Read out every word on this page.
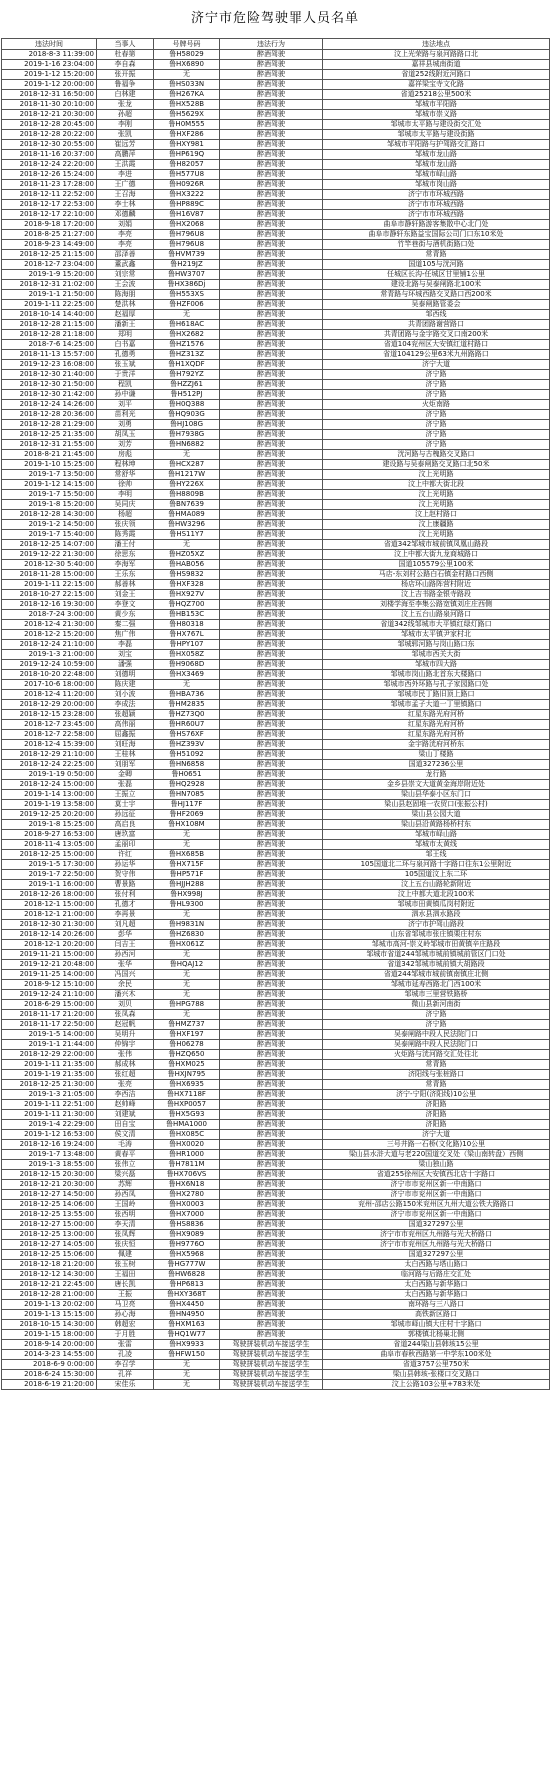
济宁市危险驾驶罪人员名单
违法时间	当事人	号牌号码	违法行为	违法地点
2018-8-3 11:39:00	杜春第	鲁H58029	醉酒驾驶	汶上光荣路与泉河路路口北
2019-1-16 23:04:00	李自森	鲁HX6890	醉酒驾驶	嘉祥县城南街道
2019-1-12 15:20:00	张开振	无	醉酒驾驶	省道252线附近河路口
2019-1-12 20:00:00	鲁福争	鲁HS033N	醉酒驾驶	嘉祥梁宝寺文化路
2018-12-31 16:50:00	白林建	鲁H267KA	醉酒驾驶	省道25218公里500米
2018-11-30 20:10:00	张龙	鲁HX528B	醉酒驾驶	邹城市平阳路
2018-12-21 20:30:00	孙超	鲁H5629X	醉酒驾驶	邹城市崇义路
2018-12-28 20:45:00	李刚	鲁H0M555	醉酒驾驶	邹城市太平路与建设街交汇处
2018-12-28 20:22:00	张凯	鲁HXF286	醉酒驾驶	邹城市太平路与建设街路
2018-12-30 20:55:00	崔远芳	鲁HXY981	醉酒驾驶	邹城市平阳路与护驾路交汇路口
2018-11-16 20:37:00	高鹏萍	鲁HP619Q	醉酒驾驶	邹城市龙山路
2018-12-24 22:20:00	王洪霞	鲁H82057	醉酒驾驶	邹城市龙山路
2018-12-26 15:24:00	李进	鲁H577U8	醉酒驾驶	邹城市峄山路
2018-11-23 17:28:00	王广德	鲁H0926R	醉酒驾驶	邹城市岗山路
2018-12-11 22:52:00	王召海	鲁HX3222	醉酒驾驶	济宁市市环城西路
2018-12-17 22:53:00	李士林	鲁HP889C	醉酒驾驶	济宁市市环城西路
2018-12-17 22:10:00	邓德麟	鲁H16V87	醉酒驾驶	济宁市市环城西路
2018-9-18 17:20:00	刘娟	鲁HX2068	醉酒驾驶	曲阜市静轩路游客集散中心北门处
2018-8-25 21:27:00	李亮	鲁H796U8	醉酒驾驶	曲阜市静轩东路益宝国际公司门口东10米处
2018-9-23 14:49:00	李亮	鲁H796U8	醉酒驾驶	竹竿巷街与酒机街路口处
2018-12-25 21:15:00	邵泽善	鲁HVM739	醉酒驾驶	常青路
2018-12-7 23:04:00	董武鑫	鲁H219JZ	醉酒驾驶	国道105与洸河路
2019-1-9 15:20:00	刘宗常	鲁HW3707	醉酒驾驶	任城区长沟-任城区甘里铺1公里
2018-12-31 21:02:00	王会波	鲁HX386Dj	醉酒驾驶	建设北路与吴泰闸路北100米
2019-1-1 21:50:00	陈海朋	鲁H553XS	醉酒驾驶	常青路与环城西路交叉路口西200米
2019-1-11 22:25:00	楚洪林	鲁HZF006	醉酒驾驶	吴泰闸路管委会
2018-10-14 14:40:00	赵福厚	无	醉酒驾驶	邹西线
2018-12-28 21:15:00	潘新王	鲁H618AC	醉酒驾驶	共青团路谢营路口
2018-12-28 21:18:00	郑明	鲁HX2682	醉酒驾驶	共青团路与金宇路交叉口南200米
2018-7-6 14:25:00	白书嘉	鲁HZ1576	醉酒驾驶	省道104兖州区大安镇红道村路口
2018-11-13 15:57:00	孔德勇	鲁HZ313Z	醉酒驾驶	省道104129公里63米九州路路口
2019-12-23 16:08:00	张玉斌	鲁H1XQDF	醉酒驾驶	济宁大道
2018-12-30 21:40:00	于贵洋	鲁H792YZ	醉酒驾驶	济宁路
2018-12-30 21:50:00	程凯	鲁HZZJ61	醉酒驾驶	济宁路
2018-12-30 21:42:00	孙中谦	鲁H512PJ	醉酒驾驶	济宁路
2018-12-24 14:26:00	刘平	鲁H0Q388	醉酒驾驶	火炬南路
2018-12-28 20:36:00	苗利光	鲁HQ903G	醉酒驾驶	济宁路
2018-12-28 21:29:00	刘勇	鲁HJ108G	醉酒驾驶	济宁路
2018-12-25 21:35:00	胡凤玉	鲁H7938G	醉酒驾驶	济宁路
2018-12-31 21:55:00	刘芳	鲁HN6882	醉酒驾驶	济宁路
2018-8-21 21:45:00	房彪	无	醉酒驾驶	洸河路与古槐路交叉路口
2019-1-10 15:25:00	程林坤	鲁HCX287	醉酒驾驶	建设路与吴泰闸路交叉路口北50米
2019-1-7 13:50:00	常舒华	鲁H1217W	醉酒驾驶	汶上光明路
2019-1-12 14:15:00	徐帅	鲁HY226X	醉酒驾驶	汶上中都大街北段
2019-1-7 15:50:00	李明	鲁H8809B	醉酒驾驶	汶上光明路
2019-1-8 15:20:00	吴同庆	鲁BN7639	醉酒驾驶	汶上光明路
2018-12-28 14:30:00	杨超	鲁HMA089	醉酒驾驶	汶上赵村路口
2019-1-2 14:50:00	张庆领	鲁HW3296	醉酒驾驶	汶上康疆路
2019-1-7 15:40:00	陈秀霞	鲁HS11Y7	醉酒驾驶	汶上光明路
2018-12-25 14:07:00	潘王付	无	醉酒驾驶	省道342邹城市城前镇凤凰山路段
2019-12-22 21:30:00	徐思东	鲁HZ05XZ	醉酒驾驶	汶上中都大街九龙商城路口
2018-12-30 5:40:00	李海军	鲁HAB056	醉酒驾驶	国道105579公里100米
2018-11-28 15:00:00	王乐东	鲁HS9832	醉酒驾驶	马店-东刘村公路白石镇金村路口西侧
2019-1-11 22:15:00	郝善林	鲁HXF328	醉酒驾驶	杨店环山路阵营村附近
2018-10-27 22:15:00	刘金王	鲁HX927V	醉酒驾驶	汶上吉书路金银寺路段
2018-12-16 19:30:00	李登文	鲁HQZ700	醉酒驾驶	刘楼学海至李集公路宽镇刘庄庄西侧
2018-7-24 3:00:00	黄少东	鲁HB153C	醉酒驾驶	汶上五台山路泉河路口
2018-12-4 21:30:00	秦二强	鲁H80318	醉酒驾驶	省道342线邹城市大平镇红绿灯路口
2018-12-2 15:20:00	焦广伟	鲁HX767L	醉酒驾驶	邹城市太平镇尹家村北
2018-12-24 21:10:00	李磊	鲁HPY107	醉酒驾驶	邹城郓河路与岗山路口东
2019-1-3 21:00:00	刘宝	鲁HX058Z	醉酒驾驶	邹城市西关大街
2019-12-24 10:59:00	潘强	鲁H9068D	醉酒驾驶	邹城市四大路
2018-10-20 22:48:00	刘德明	鲁HX3469	醉酒驾驶	邹城市岗山路北首东大楼路口
2017-10-6 18:00:00	陈庆建	无	醉酒驾驶	邹城市西外环路与孔子家园路口处
2018-12-4 11:20:00	刘小波	鲁HBA736	醉酒驾驶	邹城市民丁路旧顶上路口
2018-12-29 20:00:00	李成法	鲁HM2835	醉酒驾驶	邹城市孟子大道一丁里镇路口
2018-12-15 23:28:00	张超颖	鲁HZ73Q0	醉酒驾驶	红星东路光府河桥
2018-12-7 23:45:00	高伟丽	鲁HR60U7	醉酒驾驶	红星东路光府河桥
2018-12-7 22:58:00	屈鑫振	鲁HS76XF	醉酒驾驶	红星东路光府河桥
2018-12-4 15:39:00	刘旺海	鲁HZ393V	醉酒驾驶	金宇路洸府河桥东
2018-12-29 21:10:00	王桂林	鲁H51092	醉酒驾驶	梁山丁楼路
2018-12-24 22:25:00	刘朋军	鲁HN6858	醉酒驾驶	国道327236公里
2019-1-19 0:50:00	金卿	鲁H0651	醉酒驾驶	龙行路
2018-12-24 15:00:00	张磊	鲁HQ2928	醉酒驾驶	金乡县崇文大道黄金海岸附近处
2019-1-14 13:00:00	王振立	鲁HN7085	醉酒驾驶	梁山县华泰小区东门口
2019-1-19 13:58:00	莫士宇	鲁HJ117F	醉酒驾驶	梁山县赵固堆一农贸口(张振公村)
2019-12-25 20:20:00	孙远征	鲁HF2069	醉酒驾驶	梁山县公园大道
2019-1-8 15:25:00	高启良	鲁HX108M	醉酒驾驶	梁山县沿黄路杨桥村东
2018-9-27 16:53:00	唐玖富	无	醉酒驾驶	邹城市峄山路
2018-11-4 13:05:00	孟丽印	无	醉酒驾驶	邹城市太黄线
2018-12-25 15:00:00	许红	鲁HX685B	醉酒驾驶	邹王线
2019-1-5 17:30:00	孙运华	鲁HX715F	醉酒驾驶	105国道北二环与泉河路十字路口往东1公里附近
2019-1-7 22:50:00	贺守伟	鲁HP571F	醉酒驾驶	105国道汶上东二环
2019-1-1 16:00:00	曹景路	鲁HJJH288	醉酒驾驶	汶上五台山路轮新附近
2018-12-26 18:00:00	张付利	鲁HX998J	醉酒驾驶	汶上中都大道北段100米
2018-12-1 15:00:00	孔德才	鲁HL9300	醉酒驾驶	邹城市田黄镇瓜岗村附近
2018-12-1 21:00:00	李再景	无	醉酒驾驶	泗水县泗水路段
2018-12-30 21:30:00	刘凡超	鲁H9831N	醉酒驾驶	济宁市护驾山路段
2018-12-14 20:26:00	彭华	鲁HZ6830	醉酒驾驶	山东省邹城市张庄镇栗庄村东
2018-12-1 20:20:00	闫吉王	鲁HX061Z	醉酒驾驶	邹城市高河-崇义岭邹城市田黄镇辛庄路段
2019-11-21 15:00:00	孙西河	无	醉酒驾驶	邹城市省道244邹城市城前镇城前管区门口处
2019-12-21 20:48:00	张华	鲁HQAJ12	醉酒驾驶	省道342邹城市城前镇大胡路段
2019-11-25 14:00:00	冯国兴	无	醉酒驾驶	省道244邹城市城前镇南镇庄北侧
2018-9-12 15:10:00	余民	无	醉酒驾驶	邹城市延寿西路北门西100米
2019-12-24 21:10:00	潘兴木	无	醉酒驾驶	邹城市三里营铁路桥
2018-6-29 15:00:00	刘贝	鲁HPG788	醉酒驾驶	微山县新河南街
2018-11-17 21:20:00	张凤森	无	醉酒驾驶	济宁路
2018-11-17 22:50:00	赵冠帆	鲁HMZ737	醉酒驾驶	济宁路
2019-1-5 14:00:00	吴明升	鲁HXF197	醉酒驾驶	吴泰闸路中段人民法院门口
2019-1-1 21:44:00	仲锦宇	鲁H06278	醉酒驾驶	吴泰闸路中段人民法院门口
2018-12-29 22:00:00	张伟	鲁HZQ650	醉酒驾驶	火炬路与洸河路交汇处往北
2019-1-11 21:35:00	郝成林	鲁HXM025	醉酒驾驶	常青路
2019-1-19 21:35:00	张红超	鲁HXJN795	醉酒驾驶	济阳线与张桩路口
2018-12-25 21:30:00	张亮	鲁HX6935	醉酒驾驶	常青路
2019-1-3 21:05:00	李西洁	鲁HX7118F	醉酒驾驶	济宁-宁阳(济阳线)10公里
2019-1-11 22:51:00	赵帅峰	鲁HXP0057	醉酒驾驶	济阳路
2019-1-11 21:30:00	刘建斌	鲁HX5G93	醉酒驾驶	济阳路
2019-1-4 22:29:00	田自宝	鲁HMA1000	醉酒驾驶	济阳路
2019-1-12 16:53:00	侯文清	鲁HX085C	醉酒驾驶	济宁大道
2018-12-16 19:24:00	毛涛	鲁HX0020	醉酒驾驶	三号井路一石桥(文化路)10公里
2019-1-7 13:48:00	黄春平	鲁HR1000	醉酒驾驶	梁山县水浒大道与老220国道交叉处（梁山南转盘）西侧
2019-1-3 18:55:00	张伟立	鲁H7811M	醉酒驾驶	梁山独山路
2018-12-15 20:30:00	梁兴磊	鲁HX706VS	醉酒驾驶	省道255徐州区大安镇西北店十字路口
2018-12-21 20:30:00	苏辉	鲁HX6N18	醉酒驾驶	济宁市市兖州区新一中南路口
2018-12-27 14:50:00	孙西凤	鲁HX2780	醉酒驾驶	济宁市市兖州区新一中南路口
2018-12-25 14:06:00	王国岭	鲁HX0003	醉酒驾驶	兖州-邵店公路150米兖州区九州大道公铁大路路口
2018-12-25 13:55:00	张西明	鲁HX7000	醉酒驾驶	济宁市市兖州区新一中南路口
2018-12-27 15:00:00	李天清	鲁HS8836	醉酒驾驶	国道327297公里
2018-12-25 13:00:00	张凤辉	鲁HX9089	醉酒驾驶	济宁市市兖州区九州路与光大桥路口
2018-12-27 14:05:00	张庆恒	鲁H9776O	醉酒驾驶	济宁市市兖州区九州路与光大桥路口
2018-12-25 15:06:00	佩建	鲁HX5968	醉酒驾驶	国道327297公里
2018-12-18 21:20:00	张玉树	鲁HG777W	醉酒驾驶	太白西路与塔山路口
2018-12-12 14:30:00	王福田	鲁HW6828	醉酒驾驶	临河路与后路庄交汇处
2018-12-21 22:45:00	唐长凯	鲁HP6813	醉酒驾驶	太白西路与新华路口
2018-12-28 21:00:00	王振	鲁HXY368T	醉酒驾驶	太白西路与新华路口
2019-1-13 20:02:00	马卫亮	鲁HX4450	醉酒驾驶	南环路与三八路口
2019-1-13 15:15:00	孙心海	鲁HN4950	醉酒驾驶	高铁新区路口
2018-10-15 14:30:00	韩超宏	鲁HXM163	醉酒驾驶	邹城市峄山镇大庄村十字路口
2019-1-15 18:00:00	于月胜	鲁HQ1W77	醉酒驾驶	郭楼镇北杨巢北侧
2018-9-14 20:00:00	张雷	鲁HX9933	驾驶拼装机动车接送学生	省道244梁山县韩垓15公里
2014-3-23 14:55:00	孔凌	鲁HFW150	驾驶拼装机动车接送学生	曲阜市春秋西路第一中学东100米处
2018-6-9 0:00:00	李召学	无	驾驶拼装机动车接送学生	省道3757公里750米
2018-6-24 15:30:00	孔祥	无	驾驶拼装机动车接送学生	梁山县韩垓-张楼口交叉路口
2018-6-19 21:20:00	宋佳乐	无	驾驶拼装机动车接送学生	汶上公路103公里+783米处
